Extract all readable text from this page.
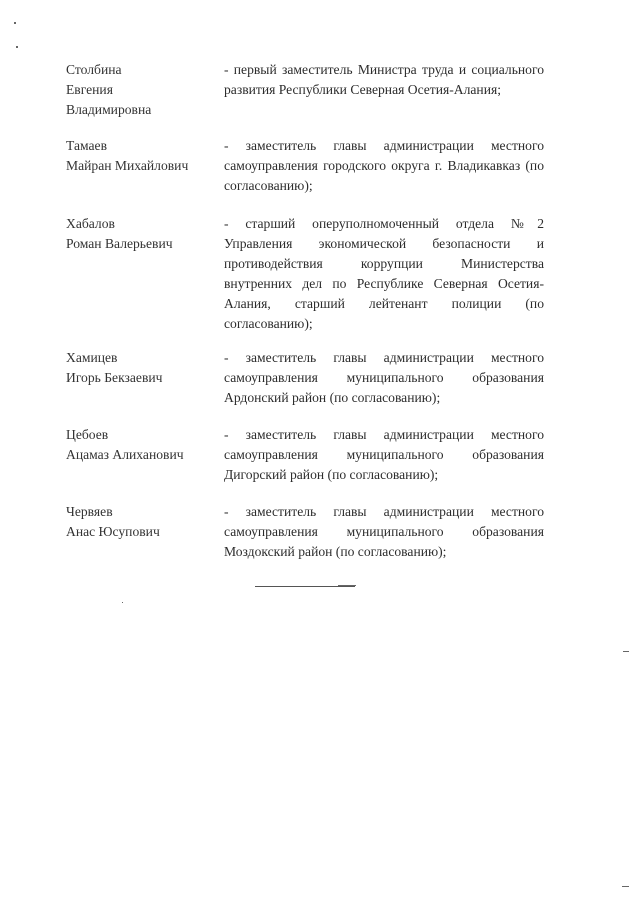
Столбина
Евгения
Владимировна
- первый заместитель Министра труда и социального развития Республики Северная Осетия-Алания;
Тамаев
Майран Михайлович
- заместитель главы администрации местного самоуправления городского округа г. Владикавказ (по согласованию);
Хабалов
Роман Валерьевич
- старший оперуполномоченный отдела №2 Управления экономической безопасности и противодействия коррупции Министерства внутренних дел по Республике Северная Осетия-Алания, старший лейтенант полиции (по согласованию);
Хамицев
Игорь Бекзаевич
- заместитель главы администрации местного самоуправления муниципального образования Ардонский район (по согласованию);
Цебоев
Ацамаз Алиханович
- заместитель главы администрации местного самоуправления муниципального образования Дигорский район (по согласованию);
Червяев
Анас Юсупович
- заместитель главы администрации местного самоуправления муниципального образования Моздокский район (по согласованию);
